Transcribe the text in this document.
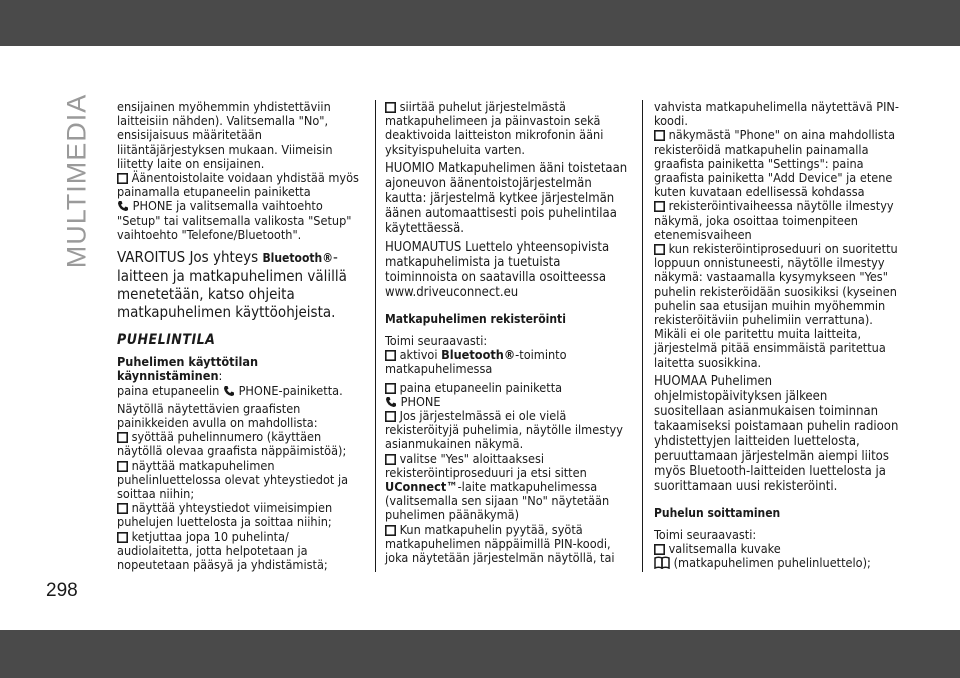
MULTIMEDIA
298

ensijainen myöhemmin yhdistettäviin laitteisiin nähden). Valitsemalla "No", ensisijaisuus määritetään liitäntäjärjestyksen mukaan. Viimeisin liitetty laite on ensijainen.

Äänentoistolaite voidaan yhdistää myös painamalla etupaneelin painiketta

PHONE ja valitsemalla vaihtoehto "Setup" tai valitsemalla valikosta "Setup" vaihtoehto "Telefone/Bluetooth".

VAROITUS Jos yhteys Bluetooth®-laitteen ja matkapuhelimen välillä menetetään, katso ohjeita matkapuhelimen käyttöohjeista.

PUHELINTILA

Puhelimen käyttötilan käynnistäminen:

paina etupaneelin PHONE-painiketta.

Näytöllä näytettävien graafisten painikkeiden avulla on mahdollista:

syöttää puhelinnumero (käyttäen näytöllä olevaa graafista näppäimistöä);

näyttää matkapuhelimen puhelinluettelossa olevat yhteystiedot ja soittaa niihin;

näyttää yhteystiedot viimeisimpien puhelujen luettelosta ja soittaa niihin;

ketjuttaa jopa 10 puhelinta/ audiolaitetta, jotta helpotetaan ja nopeutetaan pääsyä ja yhdistämistä;

siirtää puhelut järjestelmästä matkapuhelimeen ja päinvastoin sekä deaktivoida laitteiston mikrofonin ääni yksityispuheluita varten.

HUOMIO Matkapuhelimen ääni toistetaan ajoneuvon äänentoistojärjestelmän kautta: järjestelmä kytkee järjestelmän äänen automaattisesti pois puhelintilaa käytettäessä.

HUOMAUTUS Luettelo yhteensopivista matkapuhelimista ja tuetuista toiminnoista on saatavilla osoitteessa www.driveuconnect.eu

Matkapuhelimen rekisteröinti

Toimi seuraavasti:

aktivoi Bluetooth®-toiminto matkapuhelimessa

paina etupaneelin painiketta

PHONE

Jos järjestelmässä ei ole vielä rekisteröityjä puhelimia, näytölle ilmestyy asianmukainen näkymä.

valitse "Yes" aloittaaksesi rekisteröintiproseduuri ja etsi sitten UConnect™-laite matkapuhelimessa (valitsemalla sen sijaan "No" näytetään puhelimen päänäkymä)

Kun matkapuhelin pyytää, syötä matkapuhelimen näppäimillä PIN-koodi, joka näytetään järjestelmän näytöllä, tai

vahvista matkapuhelimella näytettävä PIN-koodi.

näkymästä "Phone" on aina mahdollista rekisteröidä matkapuhelin painamalla graafista painiketta "Settings": paina graafista painiketta "Add Device" ja etene kuten kuvataan edellisessä kohdassa

rekisteröintivaiheessa näytölle ilmestyy näkymä, joka osoittaa toimenpiteen etenemisvaiheen

kun rekisteröintiproseduuri on suoritettu loppuun onnistuneesti, näytölle ilmestyy näkymä: vastaamalla kysymykseen "Yes" puhelin rekisteröidään suosikiksi (kyseinen puhelin saa etusijan muihin myöhemmin rekisteröitäviin puhelimiin verrattuna). Mikäli ei ole paritettu muita laitteita, järjestelmä pitää ensimmäistä paritettua laitetta suosikkina.

HUOMAA Puhelimen ohjelmistopäivityksen jälkeen suositellaan asianmukaisen toiminnan takaamiseksi poistamaan puhelin radioon yhdistettyjen laitteiden luettelosta, peruuttamaan järjestelmän aiempi liitos myös Bluetooth-laitteiden luettelosta ja suorittamaan uusi rekisteröinti.

Puhelun soittaminen

Toimi seuraavasti:

valitsemalla kuvake

(matkapuhelimen puhelinluettelo);
